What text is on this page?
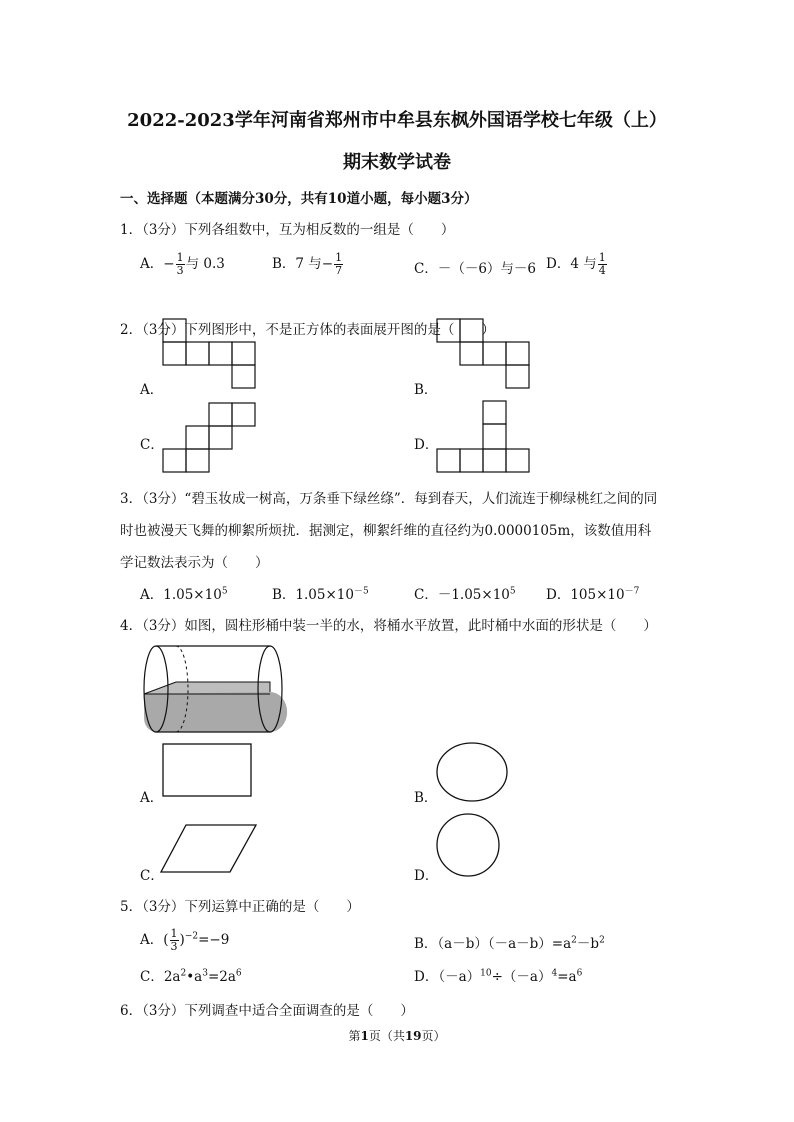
2022-2023学年河南省郑州市中牟县东枫外国语学校七年级（上）
期末数学试卷
一、选择题（本题满分30分，共有10道小题，每小题3分）
1．（3分）下列各组数中，互为相反数的一组是（　　）
A．− $\frac{1}{3}$ 与 0.3	B．7 与− $\frac{1}{7}$	C．－（－6）与－6 D．4 与 $\frac{1}{4}$
2．（3分）下列图形中，不是正方体的表面展开图的是（　　）
A．	B．
C．	D．
3．（3分）“碧玉妆成一树高，万条垂下绿丝绦”．每到春天，人们流连于柳绿桃红之间的同
时也被漫天飞舞的柳絮所烦扰．据测定，柳絮纤维的直径约为0.0000105m，该数值用科
学记数法表示为（　　）
A．$1.05\times 10^5$	B．$1.05\times 10^{-5}$	C．$-1.05\times 10^5$ D．$105\times 10^{-7}$
4．（3分）如图，圆柱形桶中装一半的水，将桶水平放置，此时桶中水面的形状是（　　）
A．	B．
C．	D．
5．（3分）下列运算中正确的是（　　）
A．( $\frac{1}{3} )^{-2}=-9$	B．$(a-b)(-a-b)=a^2-b^2$
C．$2a^2•a^3=2a^6$	D．$(-a)^{10}\div(-a)^4=a^6$
6．（3分）下列调查中适合全面调查的是（　　）
第1页（共19页）
